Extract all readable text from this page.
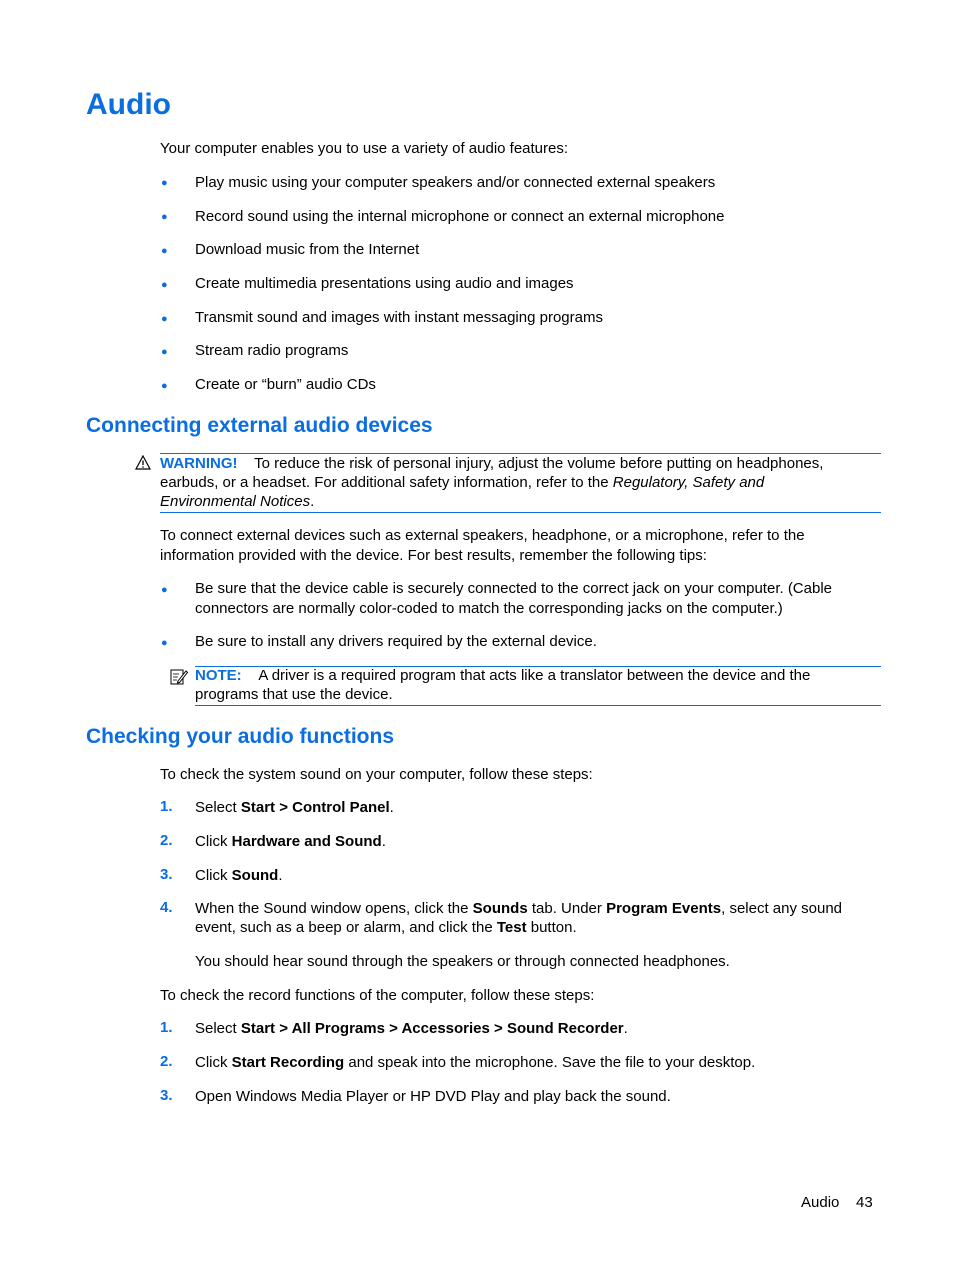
Audio

Your computer enables you to use a variety of audio features:

● Play music using your computer speakers and/or connected external speakers
● Record sound using the internal microphone or connect an external microphone
● Download music from the Internet
● Create multimedia presentations using audio and images
● Transmit sound and images with instant messaging programs
● Stream radio programs
● Create or “burn” audio CDs
Connecting external audio devices
WARNING! To reduce the risk of personal injury, adjust the volume before putting on headphones,
earbuds, or a headset. For additional safety information, refer to the Regulatory, Safety and
Environmental Notices.

To connect external devices such as external speakers, headphone, or a microphone, refer to the

information provided with the device. For best results, remember the following tips:

● Be sure that the device cable is securely connected to the correct jack on your computer. (Cable
connectors are normally color-coded to match the corresponding jacks on the computer.)
● Be sure to install any drivers required by the external device.
NOTE: A driver is a required program that acts like a translator between the device and the
programs that use the device.
Checking your audio functions

To check the system sound on your computer, follow these steps:

1. Select Start > Control Panel.
2. Click Hardware and Sound.
3. Click Sound.
4. When the Sound window opens, click the Sounds tab. Under Program Events, select any sound
event, such as a beep or alarm, and click the Test button.
You should hear sound through the speakers or through connected headphones.

To check the record functions of the computer, follow these steps:

1. Select Start > All Programs > Accessories > Sound Recorder.
2. Click Start Recording and speak into the microphone. Save the file to your desktop.
3. Open Windows Media Player or HP DVD Play and play back the sound.
Audio 43
